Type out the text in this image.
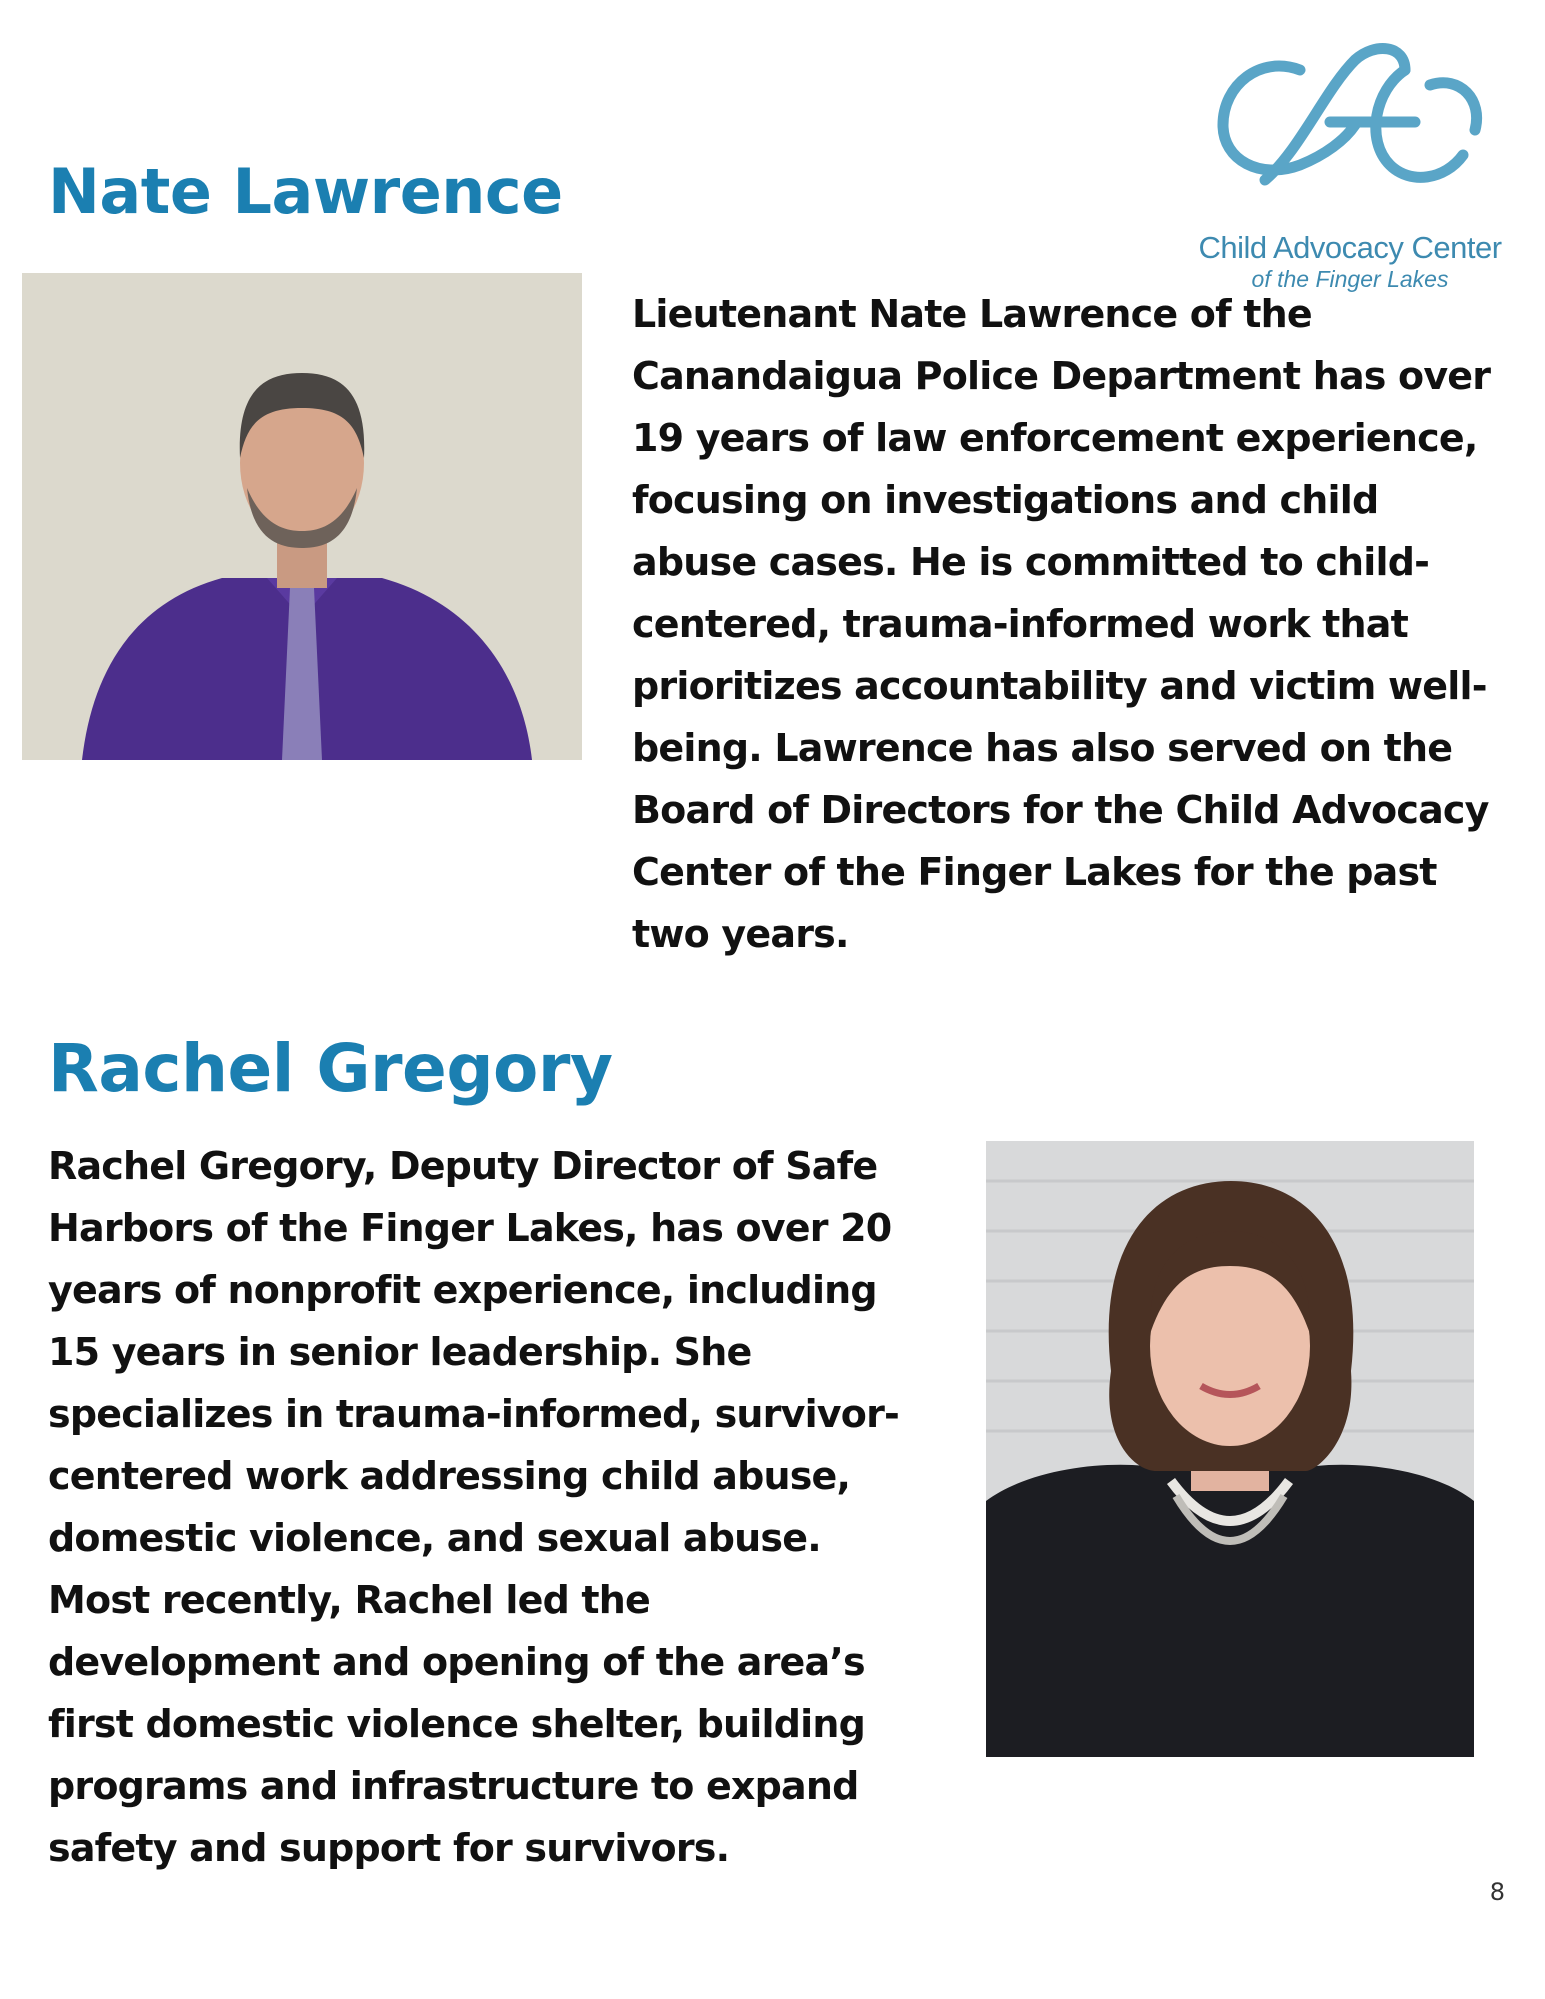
Child Advocacy Center
of the Finger Lakes
Nate Lawrence
Lieutenant Nate Lawrence of the
Canandaigua Police Department has over
19 years of law enforcement experience,
focusing on investigations and child
abuse cases. He is committed to child-
centered, trauma-informed work that
prioritizes accountability and victim well-
being. Lawrence has also served on the
Board of Directors for the Child Advocacy
Center of the Finger Lakes for the past
two years.
Rachel Gregory
Rachel Gregory, Deputy Director of Safe
Harbors of the Finger Lakes, has over 20
years of nonprofit experience, including
15 years in senior leadership. She
specializes in trauma-informed, survivor-
centered work addressing child abuse,
domestic violence, and sexual abuse.
Most recently, Rachel led the
development and opening of the area’s
first domestic violence shelter, building
programs and infrastructure to expand
safety and support for survivors.
8
